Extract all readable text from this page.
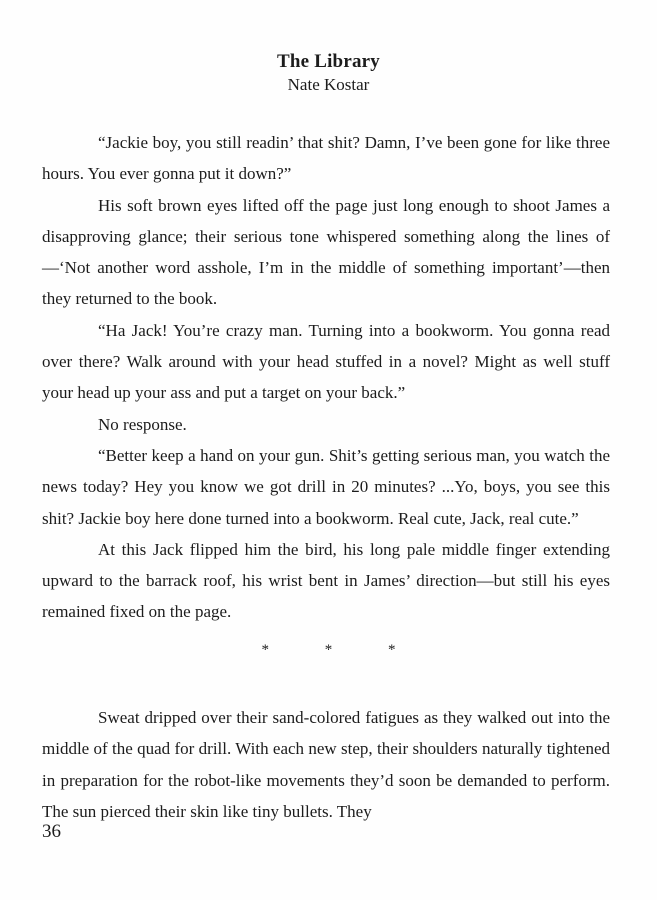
The Library
Nate Kostar

“Jackie boy, you still readin’ that shit? Damn, I’ve been gone for like three hours. You ever gonna put it down?”

His soft brown eyes lifted off the page just long enough to shoot James a disapproving glance; their serious tone whispered something along the lines of—‘Not another word asshole, I’m in the middle of something important’—then they returned to the book.

“Ha Jack! You’re crazy man. Turning into a bookworm. You gonna read over there? Walk around with your head stuffed in a novel? Might as well stuff your head up your ass and put a target on your back.”

No response.

“Better keep a hand on your gun. Shit’s getting serious man, you watch the news today? Hey you know we got drill in 20 minutes? ...Yo, boys, you see this shit? Jackie boy here done turned into a bookworm. Real cute, Jack, real cute.”

At this Jack flipped him the bird, his long pale middle finger extending upward to the barrack roof, his wrist bent in James’ direction—but still his eyes remained fixed on the page.

* * *

Sweat dripped over their sand-colored fatigues as they walked out into the middle of the quad for drill. With each new step, their shoulders naturally tightened in preparation for the robot-like movements they’d soon be demanded to perform. The sun pierced their skin like tiny bullets. They

36
